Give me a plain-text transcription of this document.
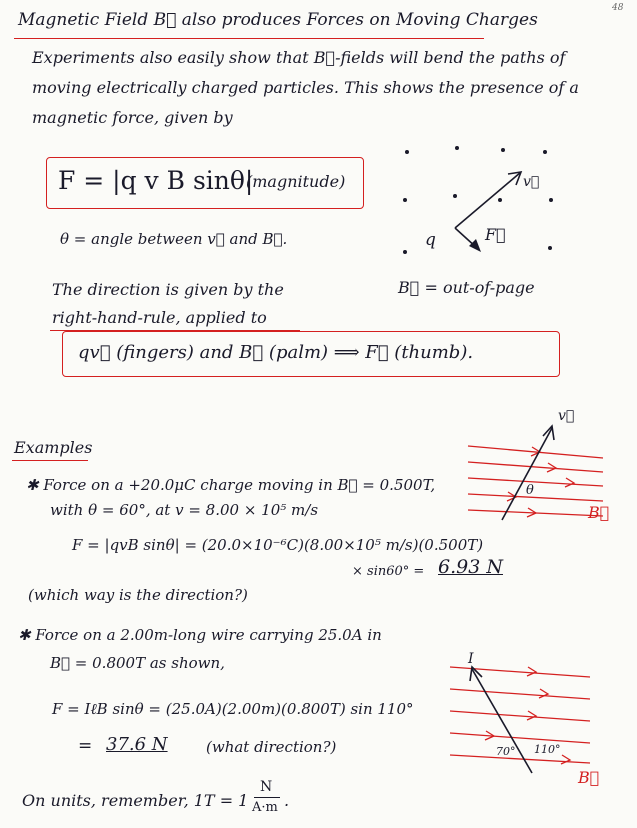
48
Magnetic Field B⃗ also produces Forces on Moving Charges
Experiments also easily show that B⃗-fields will bend the paths of
moving electrically charged particles. This shows the presence of a
magnetic force, given by
F = |q v B sinθ|
(magnitude)
θ = angle between v⃗ and B⃗.	q
v⃗
F⃗
The direction is given by the	B⃗ = out-of-page
right-hand-rule, applied to
qv⃗ (fingers) and B⃗ (palm) ⟹ F⃗ (thumb).
Examples
✱ Force on a +20.0μC charge moving in B⃗ = 0.500T,
with θ = 60°, at v = 8.00 × 10⁵ m/s
F = |qvB sinθ| = (20.0×10⁻⁶C)(8.00×10⁵ m/s)(0.500T)
× sin60° = 6.93 N
(which way is the direction?)
v⃗
θ
B⃗
✱ Force on a 2.00m-long wire carrying 25.0A in
B⃗ = 0.800T as shown,
F = IℓB sinθ = (25.0A)(2.00m)(0.800T) sin 110°
= 37.6 N	(what direction?)
I
70° 110°
B⃗
On units, remember, 1T = 1
N
A·m .
